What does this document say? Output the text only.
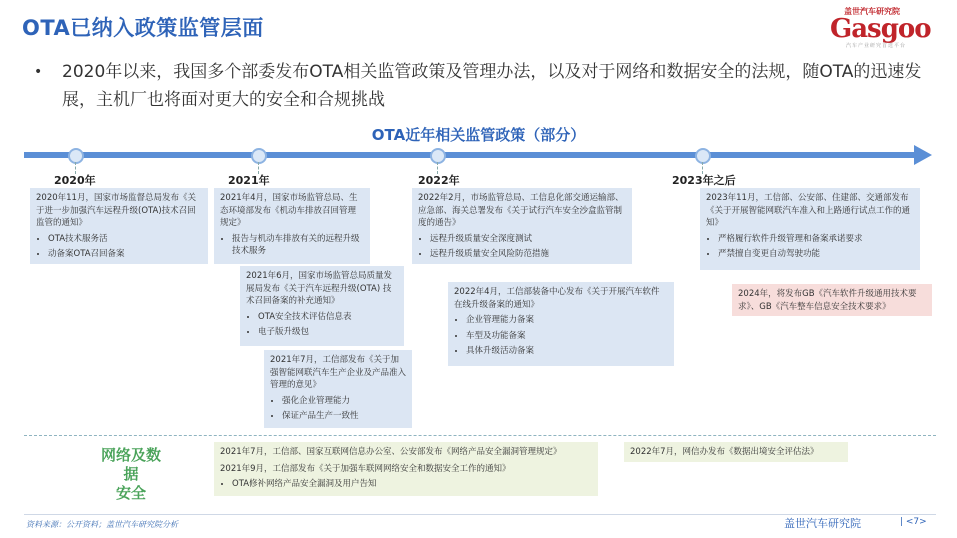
OTA已纳入政策监管层面
盖世汽车研究院
Gasgoo
汽车产业研究首选平台
• 2020年以来，我国多个部委发布OTA相关监管政策及管理办法，以及对于网络和数据安全的法规，随OTA的迅速发展，主机厂也将面对更大的安全和合规挑战
OTA近年相关监管政策（部分）
2020年	2021年	2022年	2023年之后
2020年11月，国家市场监督总局发布《关于进一步加强汽车远程升级(OTA)技术召回监管的通知》
• OTA技术服务活
• 动备案OTA召回备案
2021年4月，国家市场监管总局、生态环境部发布《机动车排放召回管理规定》
• 报告与机动车排放有关的远程升级技术服务
2021年6月，国家市场监管总局质量发展局发布《关于汽车远程升级(OTA) 技术召回备案的补充通知》
• OTA安全技术评估信息表
• 电子版升级包
2021年7月，工信部发布《关于加强智能网联汽车生产企业及产品准入管理的意见》
• 强化企业管理能力
• 保证产品生产一致性
2022年2月，市场监管总局、工信息化部交通运输部、应急部、海关总署发布《关于试行汽车安全沙盒监管制度的通告》
• 远程升级质量安全深度测试
• 远程升级质量安全风险防范措施
2022年4月，工信部装备中心发布《关于开展汽车软件在线升级备案的通知》
• 企业管理能力备案
• 车型及功能备案
• 具体升级活动备案
2023年11月，工信部、公安部、住建部、交通部发布《关于开展智能网联汽车准入和上路通行试点工作的通知》
• 严格履行软件升级管理和备案承诺要求
• 严禁擅自变更自动驾驶功能
2024年，将发布GB《汽车软件升级通用技术要求》、GB《汽车整车信息安全技术要求》
网络及数据
安全
2021年7月，工信部、国家互联网信息办公室、公安部发布《网络产品安全漏洞管理规定》
2021年9月，工信部发布《关于加强车联网网络安全和数据安全工作的通知》
• OTA修补网络产品安全漏洞及用户告知
2022年7月，网信办发布《数据出境安全评估法》
资料来源：公开资料；盖世汽车研究院分析	盖世汽车研究院	| <7>
